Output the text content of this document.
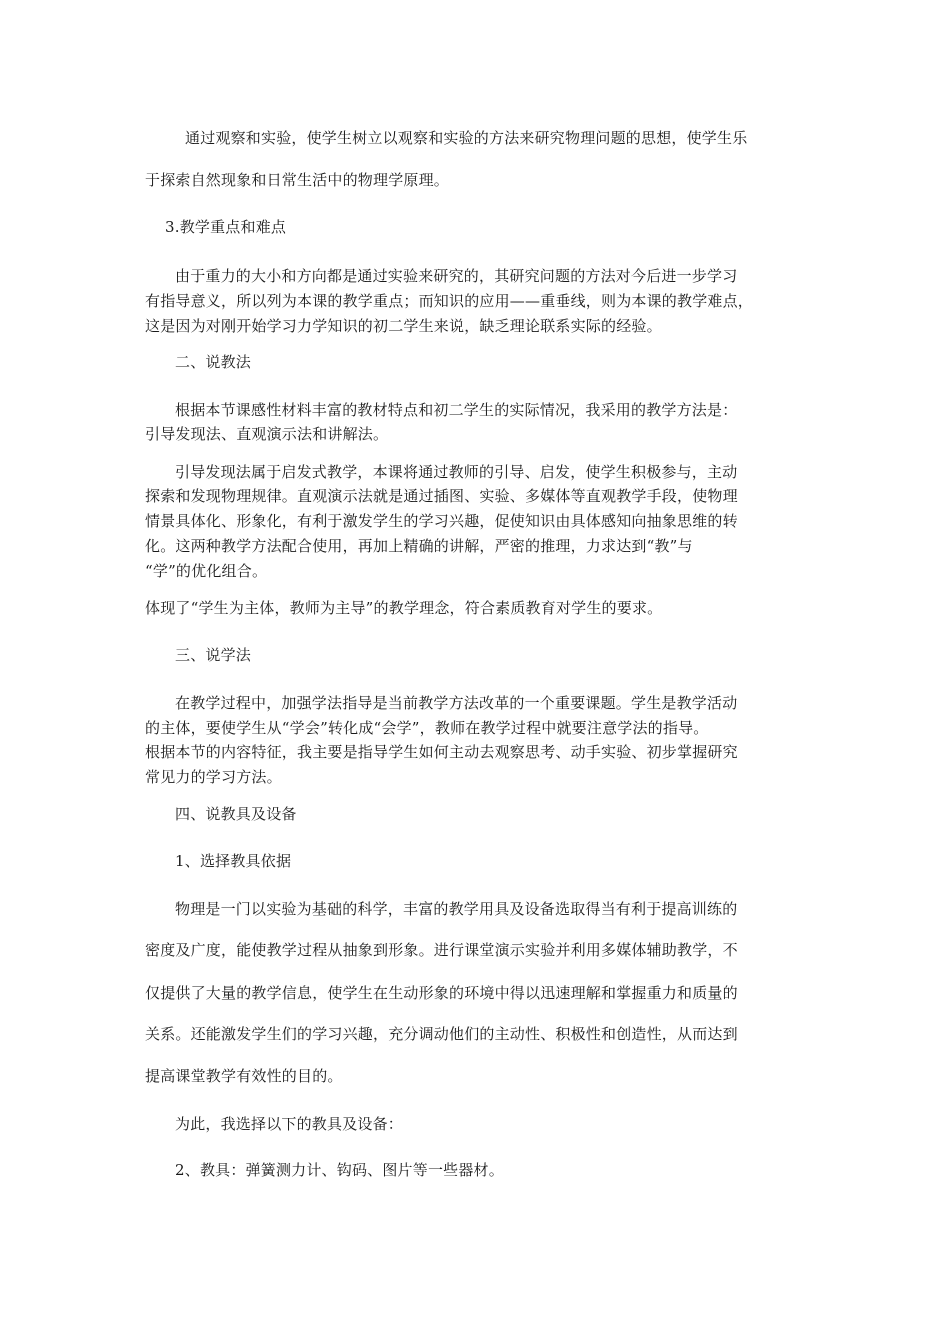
通过观察和实验，使学生树立以观察和实验的方法来研究物理问题的思想，使学生乐
于探索自然现象和日常生活中的物理学原理。
3.教学重点和难点
由于重力的大小和方向都是通过实验来研究的，其研究问题的方法对今后进一步学习
有指导意义，所以列为本课的教学重点；而知识的应用——重垂线，则为本课的教学难点，
这是因为对刚开始学习力学知识的初二学生来说，缺乏理论联系实际的经验。
二、说教法
根据本节课感性材料丰富的教材特点和初二学生的实际情况，我采用的教学方法是：
引导发现法、直观演示法和讲解法。
引导发现法属于启发式教学，本课将通过教师的引导、启发，使学生积极参与，主动
探索和发现物理规律。直观演示法就是通过插图、实验、多媒体等直观教学手段，使物理
情景具体化、形象化，有利于激发学生的学习兴趣，促使知识由具体感知向抽象思维的转
化。这两种教学方法配合使用，再加上精确的讲解，严密的推理，力求达到“教”与
“学”的优化组合。
体现了“学生为主体，教师为主导”的教学理念，符合素质教育对学生的要求。
三、说学法
在教学过程中，加强学法指导是当前教学方法改革的一个重要课题。学生是教学活动
的主体，要使学生从“学会”转化成“会学”，教师在教学过程中就要注意学法的指导。
根据本节的内容特征，我主要是指导学生如何主动去观察思考、动手实验、初步掌握研究
常见力的学习方法。
四、说教具及设备
1、选择教具依据
物理是一门以实验为基础的科学，丰富的教学用具及设备选取得当有利于提高训练的
密度及广度，能使教学过程从抽象到形象。进行课堂演示实验并利用多媒体辅助教学，不
仅提供了大量的教学信息，使学生在生动形象的环境中得以迅速理解和掌握重力和质量的
关系。还能激发学生们的学习兴趣，充分调动他们的主动性、积极性和创造性，从而达到
提高课堂教学有效性的目的。
为此，我选择以下的教具及设备：
2、教具：弹簧测力计、钩码、图片等一些器材。
